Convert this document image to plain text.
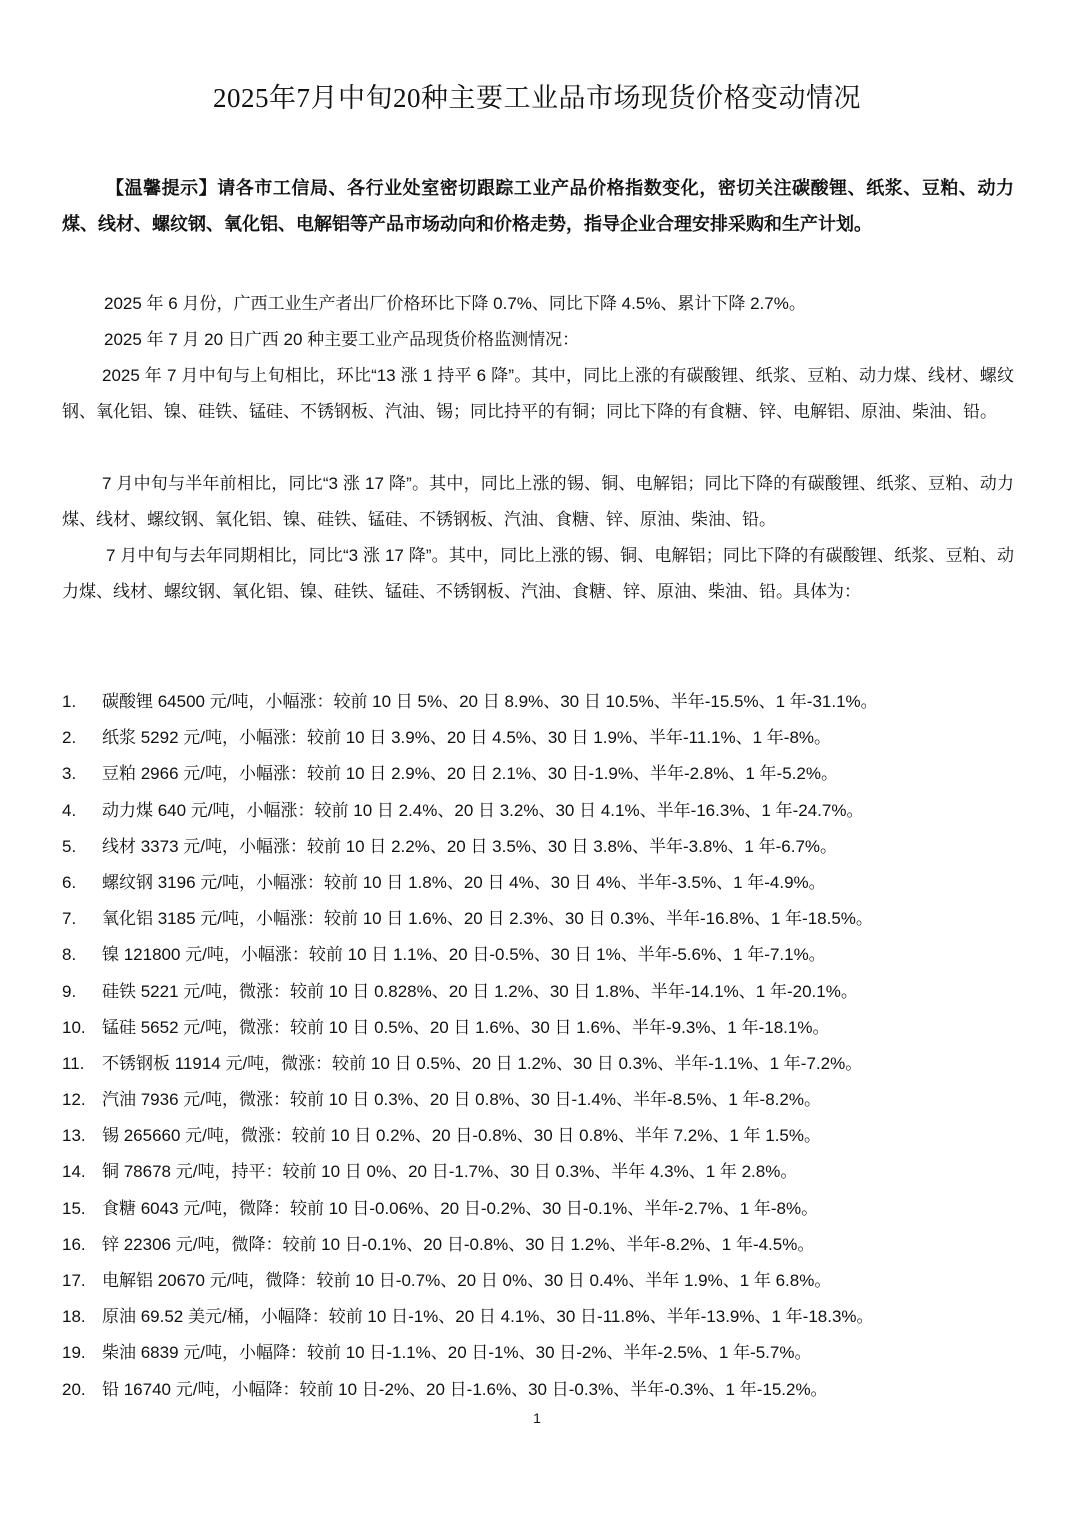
2025年7月中旬20种主要工业品市场现货价格变动情况

【温馨提示】请各市工信局、各行业处室密切跟踪工业产品价格指数变化，密切关注碳酸锂、纸浆、豆粕、动力煤、线材、螺纹钢、氧化铝、电解铝等产品市场动向和价格走势，指导企业合理安排采购和生产计划。

2025 年 6 月份，广西工业生产者出厂价格环比下降 0.7%、同比下降 4.5%、累计下降 2.7%。

2025 年 7 月 20 日广西 20 种主要工业产品现货价格监测情况：

2025 年 7 月中旬与上旬相比，环比“13 涨 1 持平 6 降”。其中，同比上涨的有碳酸锂、纸浆、豆粕、动力煤、线材、螺纹钢、氧化铝、镍、硅铁、锰硅、不锈钢板、汽油、锡；同比持平的有铜；同比下降的有食糖、锌、电解铝、原油、柴油、铅。

7 月中旬与半年前相比，同比“3 涨 17 降”。其中，同比上涨的锡、铜、电解铝；同比下降的有碳酸锂、纸浆、豆粕、动力煤、线材、螺纹钢、氧化铝、镍、硅铁、锰硅、不锈钢板、汽油、食糖、锌、原油、柴油、铅。

7 月中旬与去年同期相比，同比“3 涨 17 降”。其中，同比上涨的锡、铜、电解铝；同比下降的有碳酸锂、纸浆、豆粕、动力煤、线材、螺纹钢、氧化铝、镍、硅铁、锰硅、不锈钢板、汽油、食糖、锌、原油、柴油、铅。具体为：

1. 碳酸锂 64500 元/吨，小幅涨：较前 10 日 5%、20 日 8.9%、30 日 10.5%、半年-15.5%、1 年-31.1%。
2. 纸浆 5292 元/吨，小幅涨：较前 10 日 3.9%、20 日 4.5%、30 日 1.9%、半年-11.1%、1 年-8%。
3. 豆粕 2966 元/吨，小幅涨：较前 10 日 2.9%、20 日 2.1%、30 日-1.9%、半年-2.8%、1 年-5.2%。
4. 动力煤 640 元/吨，小幅涨：较前 10 日 2.4%、20 日 3.2%、30 日 4.1%、半年-16.3%、1 年-24.7%。
5. 线材 3373 元/吨，小幅涨：较前 10 日 2.2%、20 日 3.5%、30 日 3.8%、半年-3.8%、1 年-6.7%。
6. 螺纹钢 3196 元/吨，小幅涨：较前 10 日 1.8%、20 日 4%、30 日 4%、半年-3.5%、1 年-4.9%。
7. 氧化铝 3185 元/吨，小幅涨：较前 10 日 1.6%、20 日 2.3%、30 日 0.3%、半年-16.8%、1 年-18.5%。
8. 镍 121800 元/吨，小幅涨：较前 10 日 1.1%、20 日-0.5%、30 日 1%、半年-5.6%、1 年-7.1%。
9. 硅铁 5221 元/吨，微涨：较前 10 日 0.828%、20 日 1.2%、30 日 1.8%、半年-14.1%、1 年-20.1%。
10. 锰硅 5652 元/吨，微涨：较前 10 日 0.5%、20 日 1.6%、30 日 1.6%、半年-9.3%、1 年-18.1%。
11. 不锈钢板 11914 元/吨，微涨：较前 10 日 0.5%、20 日 1.2%、30 日 0.3%、半年-1.1%、1 年-7.2%。
12. 汽油 7936 元/吨，微涨：较前 10 日 0.3%、20 日 0.8%、30 日-1.4%、半年-8.5%、1 年-8.2%。
13. 锡 265660 元/吨，微涨：较前 10 日 0.2%、20 日-0.8%、30 日 0.8%、半年 7.2%、1 年 1.5%。
14. 铜 78678 元/吨，持平：较前 10 日 0%、20 日-1.7%、30 日 0.3%、半年 4.3%、1 年 2.8%。
15. 食糖 6043 元/吨，微降：较前 10 日-0.06%、20 日-0.2%、30 日-0.1%、半年-2.7%、1 年-8%。
16. 锌 22306 元/吨，微降：较前 10 日-0.1%、20 日-0.8%、30 日 1.2%、半年-8.2%、1 年-4.5%。
17. 电解铝 20670 元/吨，微降：较前 10 日-0.7%、20 日 0%、30 日 0.4%、半年 1.9%、1 年 6.8%。
18. 原油 69.52 美元/桶，小幅降：较前 10 日-1%、20 日 4.1%、30 日-11.8%、半年-13.9%、1 年-18.3%。
19. 柴油 6839 元/吨，小幅降：较前 10 日-1.1%、20 日-1%、30 日-2%、半年-2.5%、1 年-5.7%。
20. 铅 16740 元/吨，小幅降：较前 10 日-2%、20 日-1.6%、30 日-0.3%、半年-0.3%、1 年-15.2%。
1
